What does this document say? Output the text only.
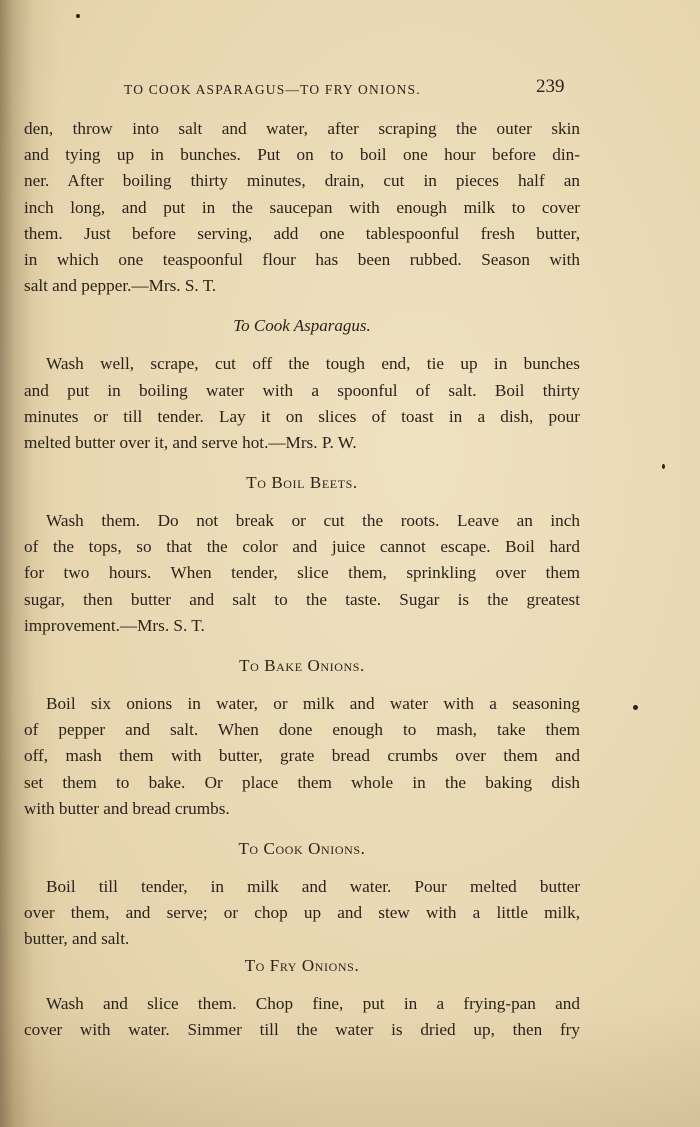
TO COOK ASPARAGUS—TO FRY ONIONS.	239
den, throw into salt and water, after scraping the outer skin
and tying up in bunches. Put on to boil one hour before din-
ner. After boiling thirty minutes, drain, cut in pieces half an
inch long, and put in the saucepan with enough milk to cover
them. Just before serving, add one tablespoonful fresh butter,
in which one teaspoonful flour has been rubbed. Season with
salt and pepper.—Mrs. S. T.
To Cook Asparagus.
Wash well, scrape, cut off the tough end, tie up in bunches
and put in boiling water with a spoonful of salt. Boil thirty
minutes or till tender. Lay it on slices of toast in a dish, pour
melted butter over it, and serve hot.—Mrs. P. W.
To Boil Beets.
Wash them. Do not break or cut the roots. Leave an inch
of the tops, so that the color and juice cannot escape. Boil hard
for two hours. When tender, slice them, sprinkling over them
sugar, then butter and salt to the taste. Sugar is the greatest
improvement.—Mrs. S. T.
To Bake Onions.
Boil six onions in water, or milk and water with a seasoning
of pepper and salt. When done enough to mash, take them
off, mash them with butter, grate bread crumbs over them and
set them to bake. Or place them whole in the baking dish
with butter and bread crumbs.
To Cook Onions.
Boil till tender, in milk and water. Pour melted butter
over them, and serve; or chop up and stew with a little milk,
butter, and salt.
To Fry Onions.
Wash and slice them. Chop fine, put in a frying-pan and
cover with water. Simmer till the water is dried up, then fry
